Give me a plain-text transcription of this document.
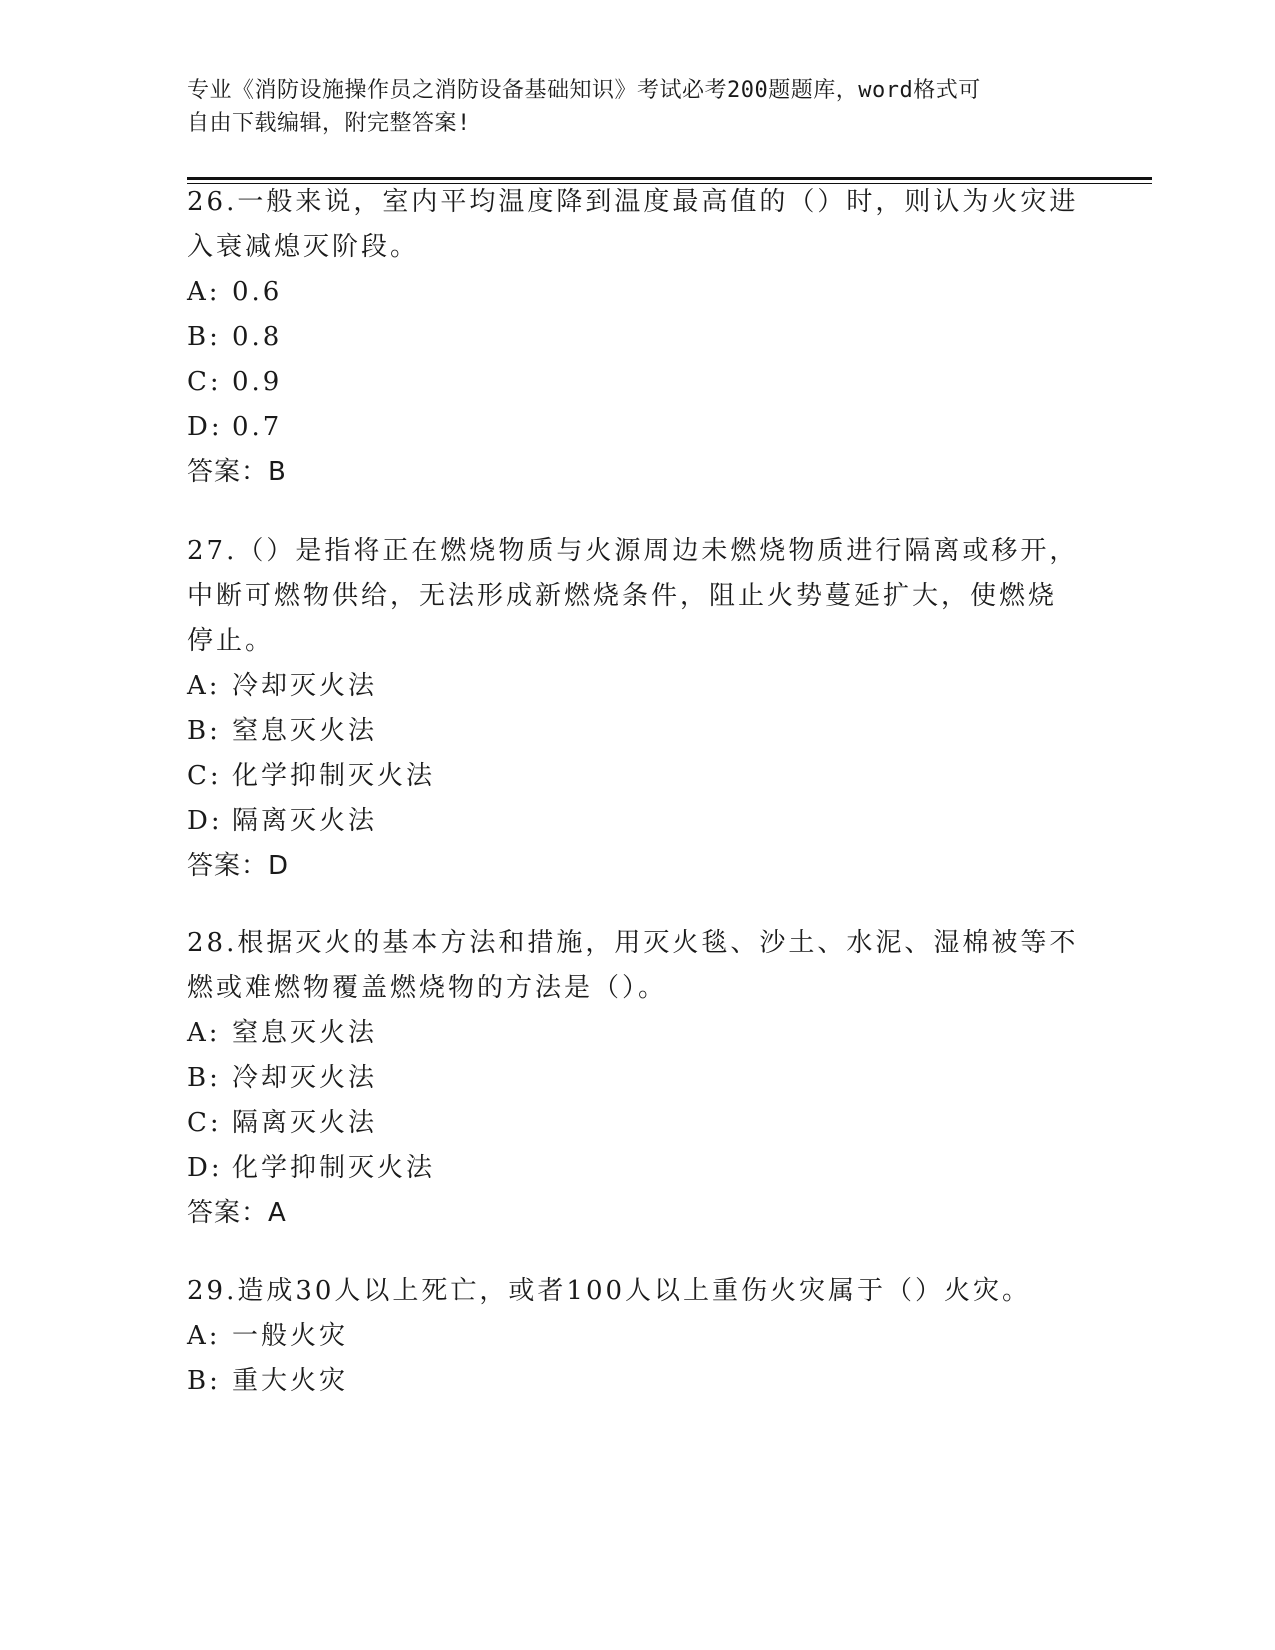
专业《消防设施操作员之消防设备基础知识》考试必考200题题库，word格式可
自由下载编辑，附完整答案!
26.一般来说，室内平均温度降到温度最高值的（）时，则认为火灾进
入衰减熄灭阶段。
A: 0.6
B: 0.8
C: 0.9
D: 0.7
答案：B
27.（）是指将正在燃烧物质与火源周边未燃烧物质进行隔离或移开，
中断可燃物供给，无法形成新燃烧条件，阻止火势蔓延扩大，使燃烧
停止。
A: 冷却灭火法
B: 窒息灭火法
C: 化学抑制灭火法
D: 隔离灭火法
答案：D
28.根据灭火的基本方法和措施，用灭火毯、沙土、水泥、湿棉被等不
燃或难燃物覆盖燃烧物的方法是（）。
A: 窒息灭火法
B: 冷却灭火法
C: 隔离灭火法
D: 化学抑制灭火法
答案：A
29.造成30人以上死亡，或者100人以上重伤火灾属于（）火灾。
A: 一般火灾
B: 重大火灾
